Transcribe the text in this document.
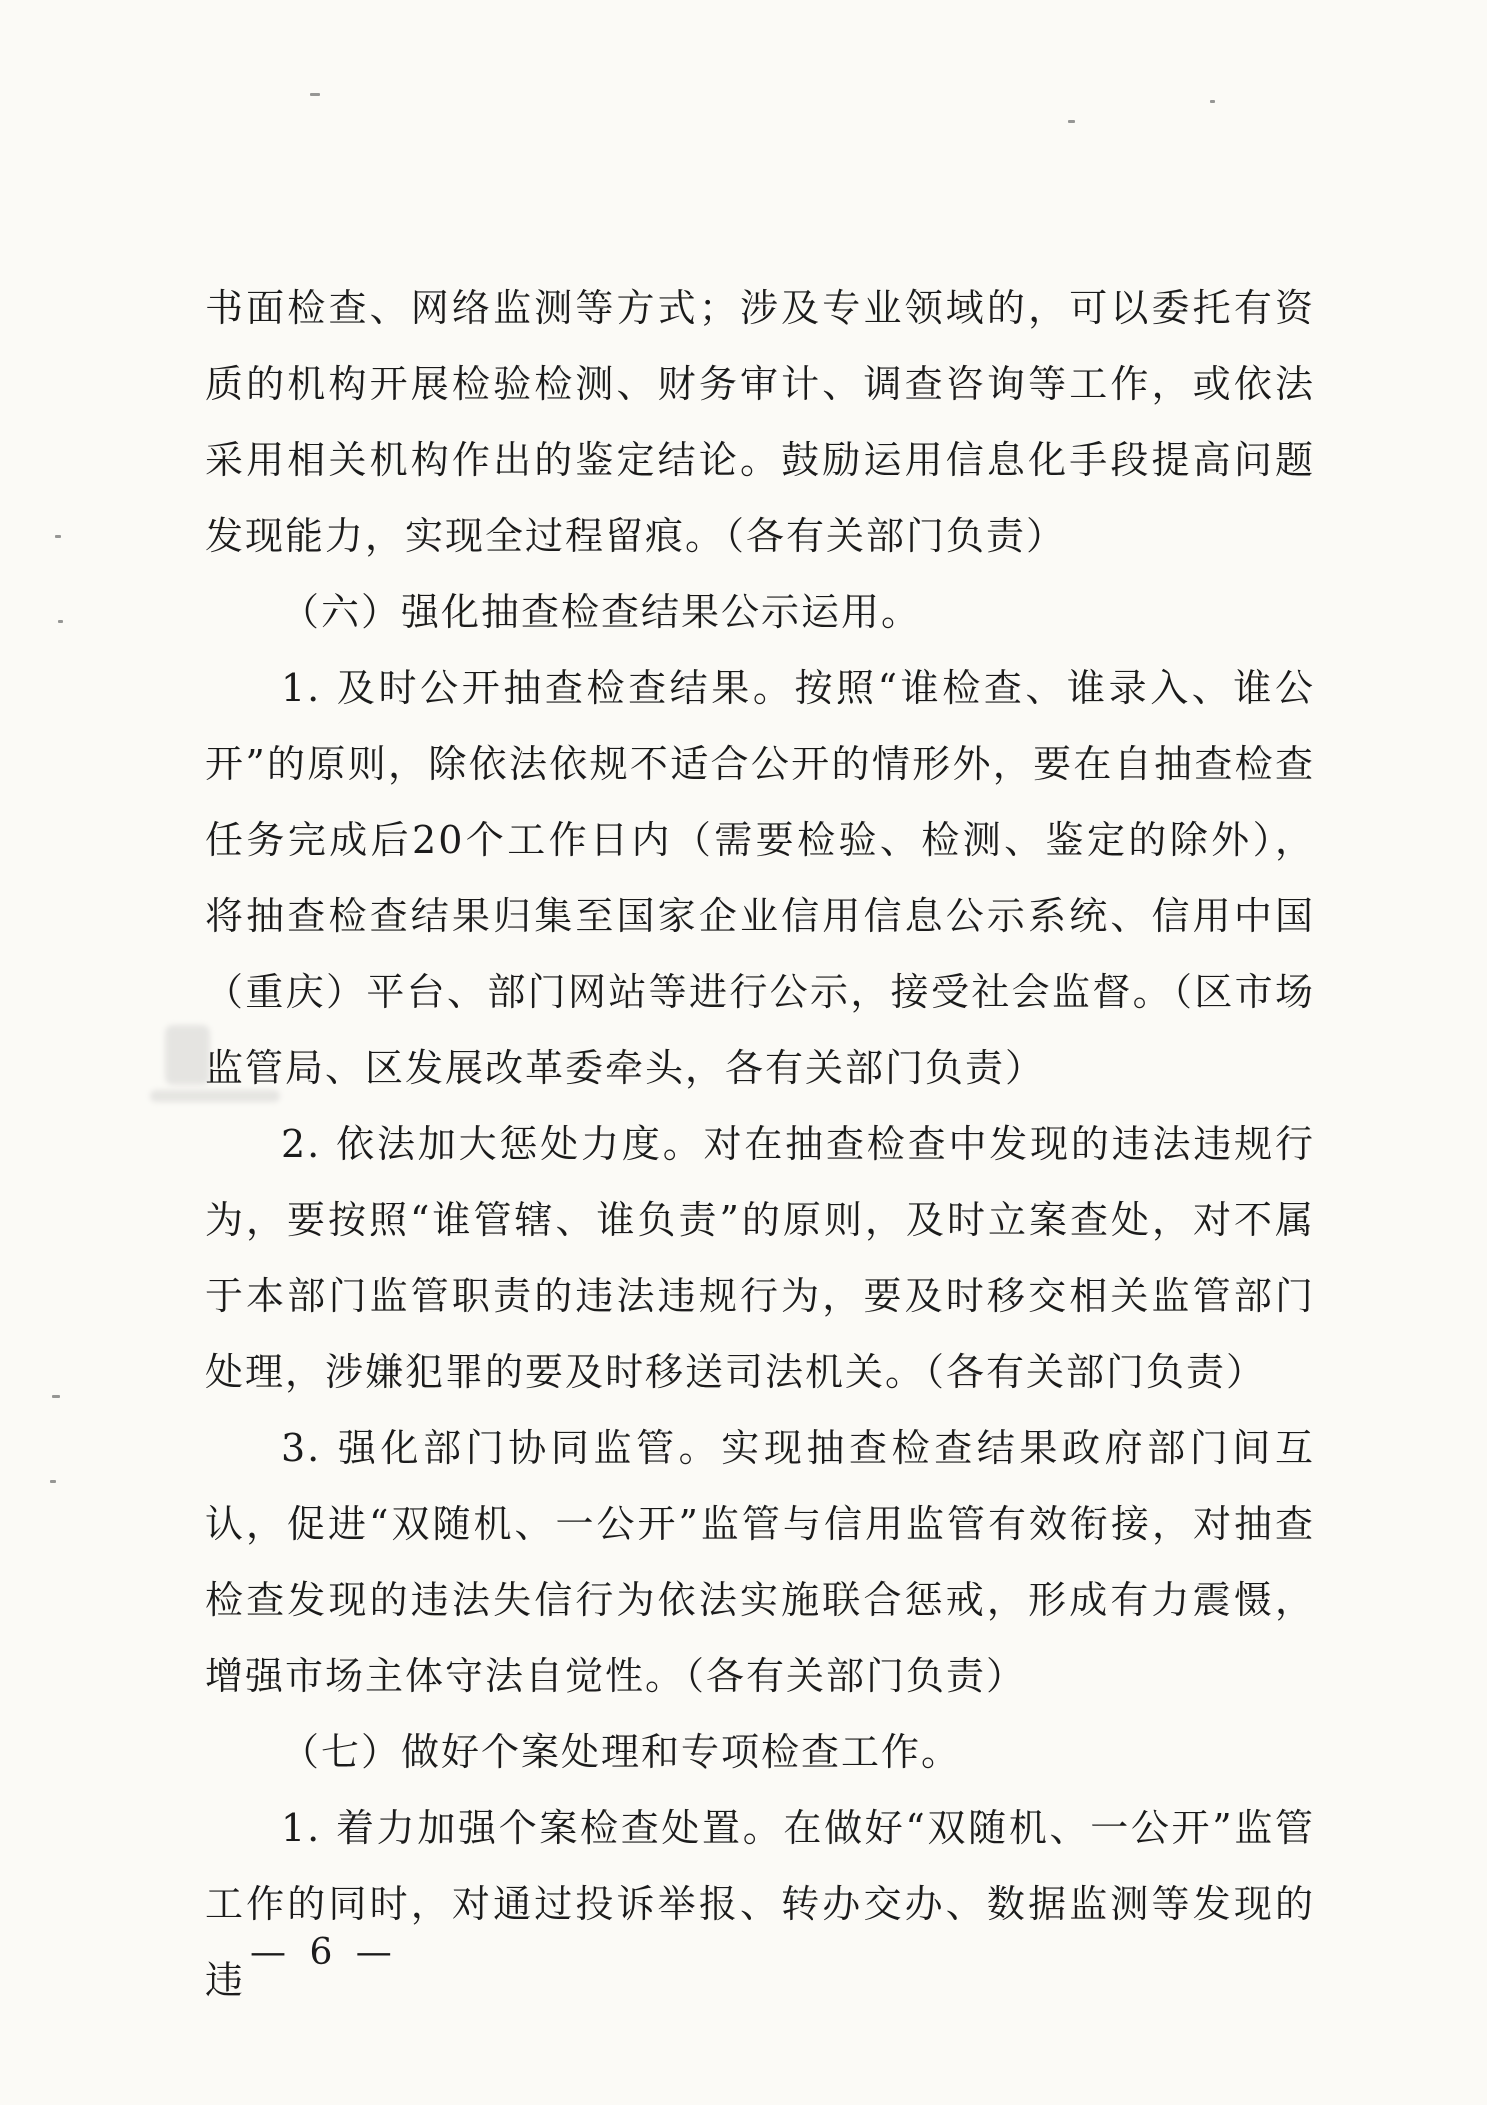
书面检查、网络监测等方式；涉及专业领域的，可以委托有资质的机构开展检验检测、财务审计、调查咨询等工作，或依法采用相关机构作出的鉴定结论。鼓励运用信息化手段提高问题发现能力，实现全过程留痕。（各有关部门负责）

（六）强化抽查检查结果公示运用。

1. 及时公开抽查检查结果。按照“谁检查、谁录入、谁公开”的原则，除依法依规不适合公开的情形外，要在自抽查检查任务完成后20个工作日内（需要检验、检测、鉴定的除外），将抽查检查结果归集至国家企业信用信息公示系统、信用中国（重庆）平台、部门网站等进行公示，接受社会监督。（区市场监管局、区发展改革委牵头，各有关部门负责）

2. 依法加大惩处力度。对在抽查检查中发现的违法违规行为，要按照“谁管辖、谁负责”的原则，及时立案查处，对不属于本部门监管职责的违法违规行为，要及时移交相关监管部门处理，涉嫌犯罪的要及时移送司法机关。（各有关部门负责）

3. 强化部门协同监管。实现抽查检查结果政府部门间互认，促进“双随机、一公开”监管与信用监管有效衔接，对抽查检查发现的违法失信行为依法实施联合惩戒，形成有力震慑，增强市场主体守法自觉性。（各有关部门负责）

（七）做好个案处理和专项检查工作。

1. 着力加强个案检查处置。在做好“双随机、一公开”监管工作的同时，对通过投诉举报、转办交办、数据监测等发现的违

— 6 —
